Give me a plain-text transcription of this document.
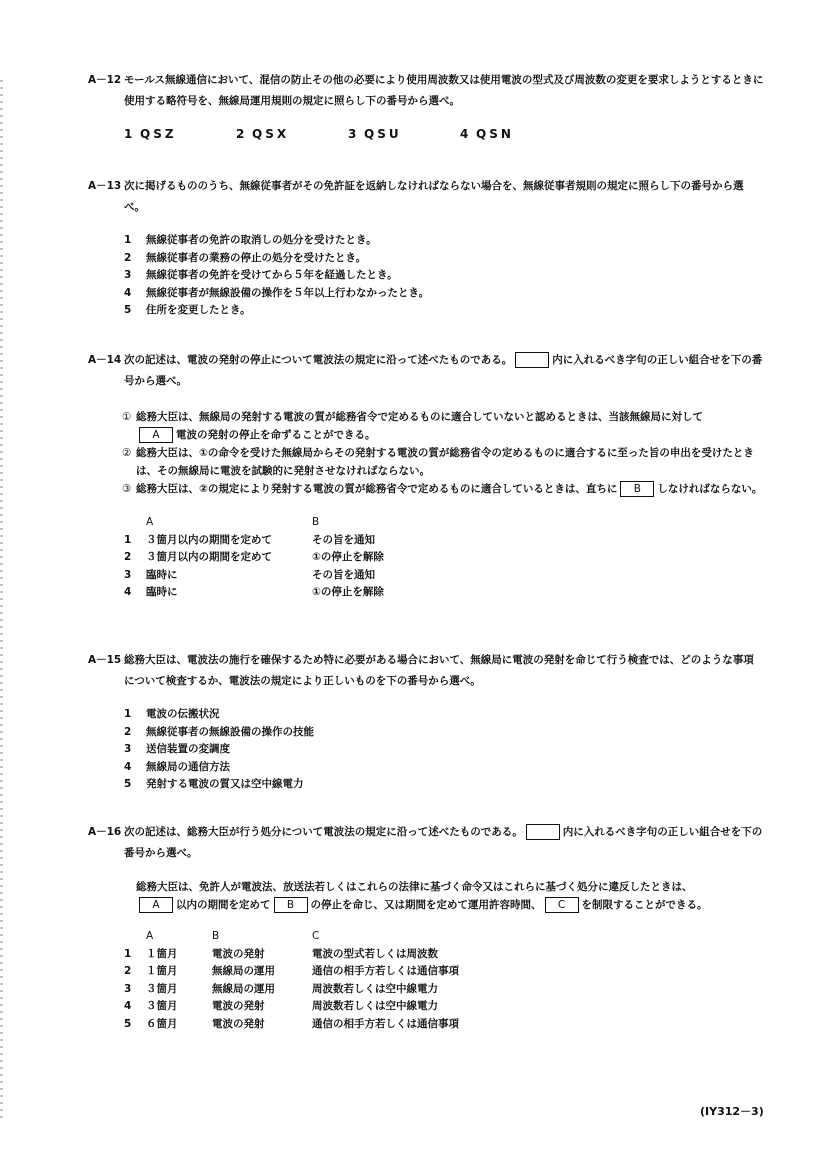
A－12 モールス無線通信において、混信の防止その他の必要により使用周波数又は使用電波の型式及び周波数の変更を要求しようとするときに使用する略符号を、無線局運用規則の規定に照らし下の番号から選べ。
1 QSZ	2 QSX	3 QSU	4 QSN
A－13 次に掲げるもののうち、無線従事者がその免許証を返納しなければならない場合を、無線従事者規則の規定に照らし下の番号から選べ。
1 無線従事者の免許の取消しの処分を受けたとき。
2 無線従事者の業務の停止の処分を受けたとき。
3 無線従事者の免許を受けてから５年を経過したとき。
4 無線従事者が無線設備の操作を５年以上行わなかったとき。
5 住所を変更したとき。
A－14 次の記述は、電波の発射の停止について電波法の規定に沿って述べたものである。	内に入れるべき字句の正しい組合せを下の番号から選べ。
① 総務大臣は、無線局の発射する電波の質が総務省令で定めるものに適合していないと認めるときは、当該無線局に対して
A 電波の発射の停止を命ずることができる。
② 総務大臣は、①の命令を受けた無線局からその発射する電波の質が総務省令の定めるものに適合するに至った旨の申出を受けたときは、その無線局に電波を試験的に発射させなければならない。
③ 総務大臣は、②の規定により発射する電波の質が総務省令で定めるものに適合しているときは、直ちに B しなければならない。
	A	B
1	３箇月以内の期間を定めて	その旨を通知
2	３箇月以内の期間を定めて	①の停止を解除
3	臨時に	その旨を通知
4	臨時に	①の停止を解除
A－15 総務大臣は、電波法の施行を確保するため特に必要がある場合において、無線局に電波の発射を命じて行う検査では、どのような事項について検査するか、電波法の規定により正しいものを下の番号から選べ。
1 電波の伝搬状況
2 無線従事者の無線設備の操作の技能
3 送信装置の変調度
4 無線局の通信方法
5 発射する電波の質又は空中線電力
A－16 次の記述は、総務大臣が行う処分について電波法の規定に沿って述べたものである。	内に入れるべき字句の正しい組合せを下の番号から選べ。
総務大臣は、免許人が電波法、放送法若しくはこれらの法律に基づく命令又はこれらに基づく処分に違反したときは、
A 以内の期間を定めて B の停止を命じ、又は期間を定めて運用許容時間、 C を制限することができる。
	A	B	C
1	１箇月	電波の発射	電波の型式若しくは周波数
2	１箇月	無線局の運用	通信の相手方若しくは通信事項
3	３箇月	無線局の運用	周波数若しくは空中線電力
4	３箇月	電波の発射	周波数若しくは空中線電力
5	６箇月	電波の発射	通信の相手方若しくは通信事項
(IY312－3)
